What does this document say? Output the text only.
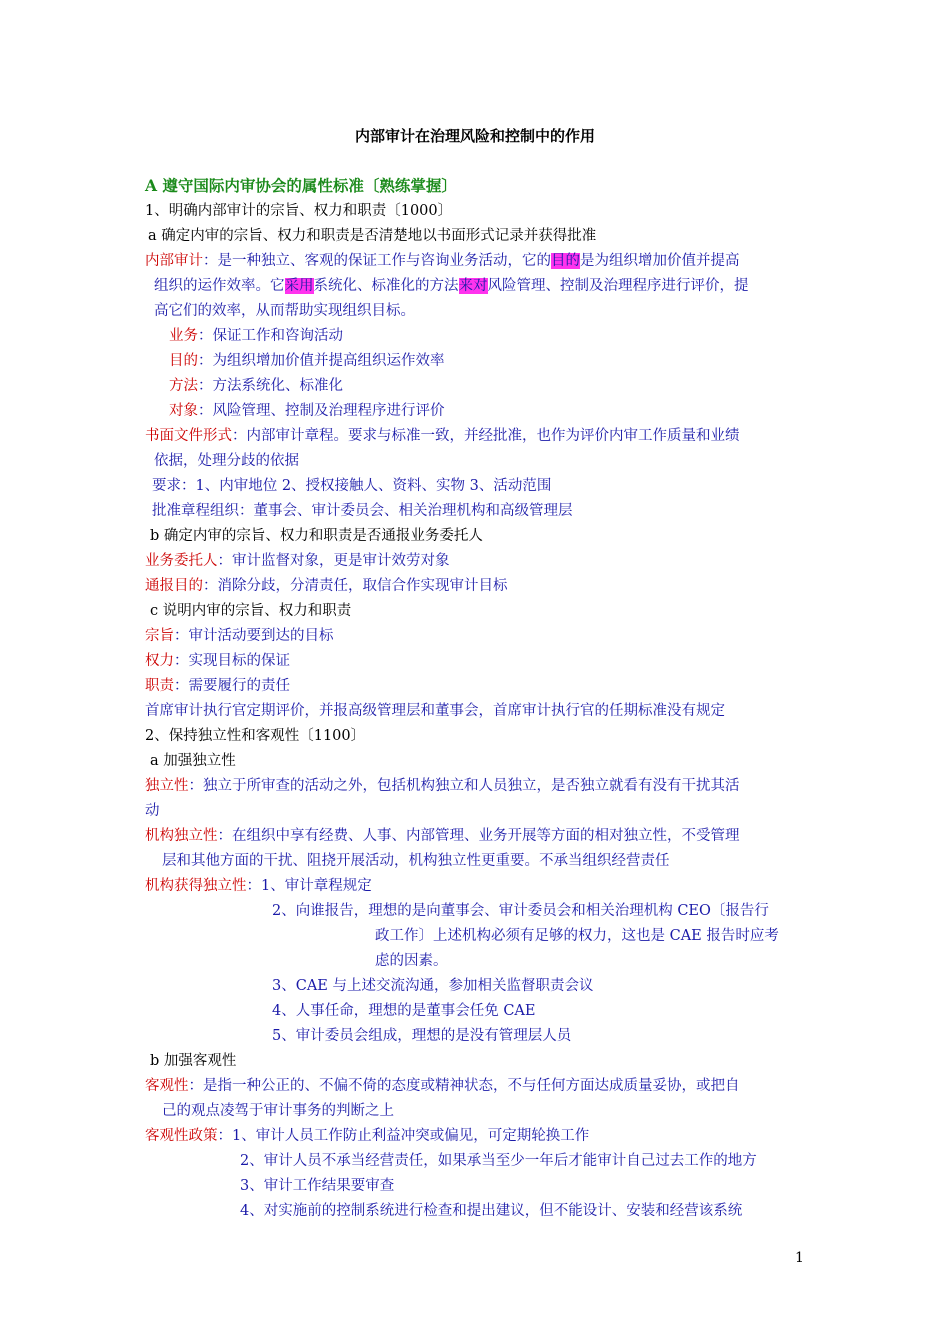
内部审计在治理风险和控制中的作用
A 遵守国际内审协会的属性标准〔熟练掌握〕
1、明确内部审计的宗旨、权力和职责〔1000〕
a 确定内审的宗旨、权力和职责是否清楚地以书面形式记录并获得批准
内部审计：是一种独立、客观的保证工作与咨询业务活动，它的目的是为组织增加价值并提高
组织的运作效率。它采用系统化、标准化的方法来对风险管理、控制及治理程序进行评价，提
高它们的效率，从而帮助实现组织目标。
业务：保证工作和咨询活动
目的：为组织增加价值并提高组织运作效率
方法：方法系统化、标准化
对象：风险管理、控制及治理程序进行评价
书面文件形式：内部审计章程。要求与标准一致，并经批准，也作为评价内审工作质量和业绩
依据，处理分歧的依据
要求：1、内审地位 2、授权接触人、资料、实物 3、活动范围
批准章程组织：董事会、审计委员会、相关治理机构和高级管理层
b 确定内审的宗旨、权力和职责是否通报业务委托人
业务委托人：审计监督对象，更是审计效劳对象
通报目的：消除分歧，分清责任，取信合作实现审计目标
c 说明内审的宗旨、权力和职责
宗旨：审计活动要到达的目标
权力：实现目标的保证
职责：需要履行的责任
首席审计执行官定期评价，并报高级管理层和董事会，首席审计执行官的任期标准没有规定
2、保持独立性和客观性〔1100〕
a 加强独立性
独立性：独立于所审查的活动之外，包括机构独立和人员独立，是否独立就看有没有干扰其活
动
机构独立性：在组织中享有经费、人事、内部管理、业务开展等方面的相对独立性，不受管理
层和其他方面的干扰、阻挠开展活动，机构独立性更重要。不承当组织经营责任
机构获得独立性：1、审计章程规定
2、向谁报告，理想的是向董事会、审计委员会和相关治理机构 CEO〔报告行
政工作〕上述机构必须有足够的权力，这也是 CAE 报告时应考
虑的因素。
3、CAE 与上述交流沟通，参加相关监督职责会议
4、人事任命，理想的是董事会任免 CAE
5、审计委员会组成，理想的是没有管理层人员
b 加强客观性
客观性：是指一种公正的、不偏不倚的态度或精神状态，不与任何方面达成质量妥协，或把自
己的观点凌驾于审计事务的判断之上
客观性政策：1、审计人员工作防止利益冲突或偏见，可定期轮换工作
2、审计人员不承当经营责任，如果承当至少一年后才能审计自己过去工作的地方
3、审计工作结果要审查
4、对实施前的控制系统进行检查和提出建议，但不能设计、安装和经营该系统
1
